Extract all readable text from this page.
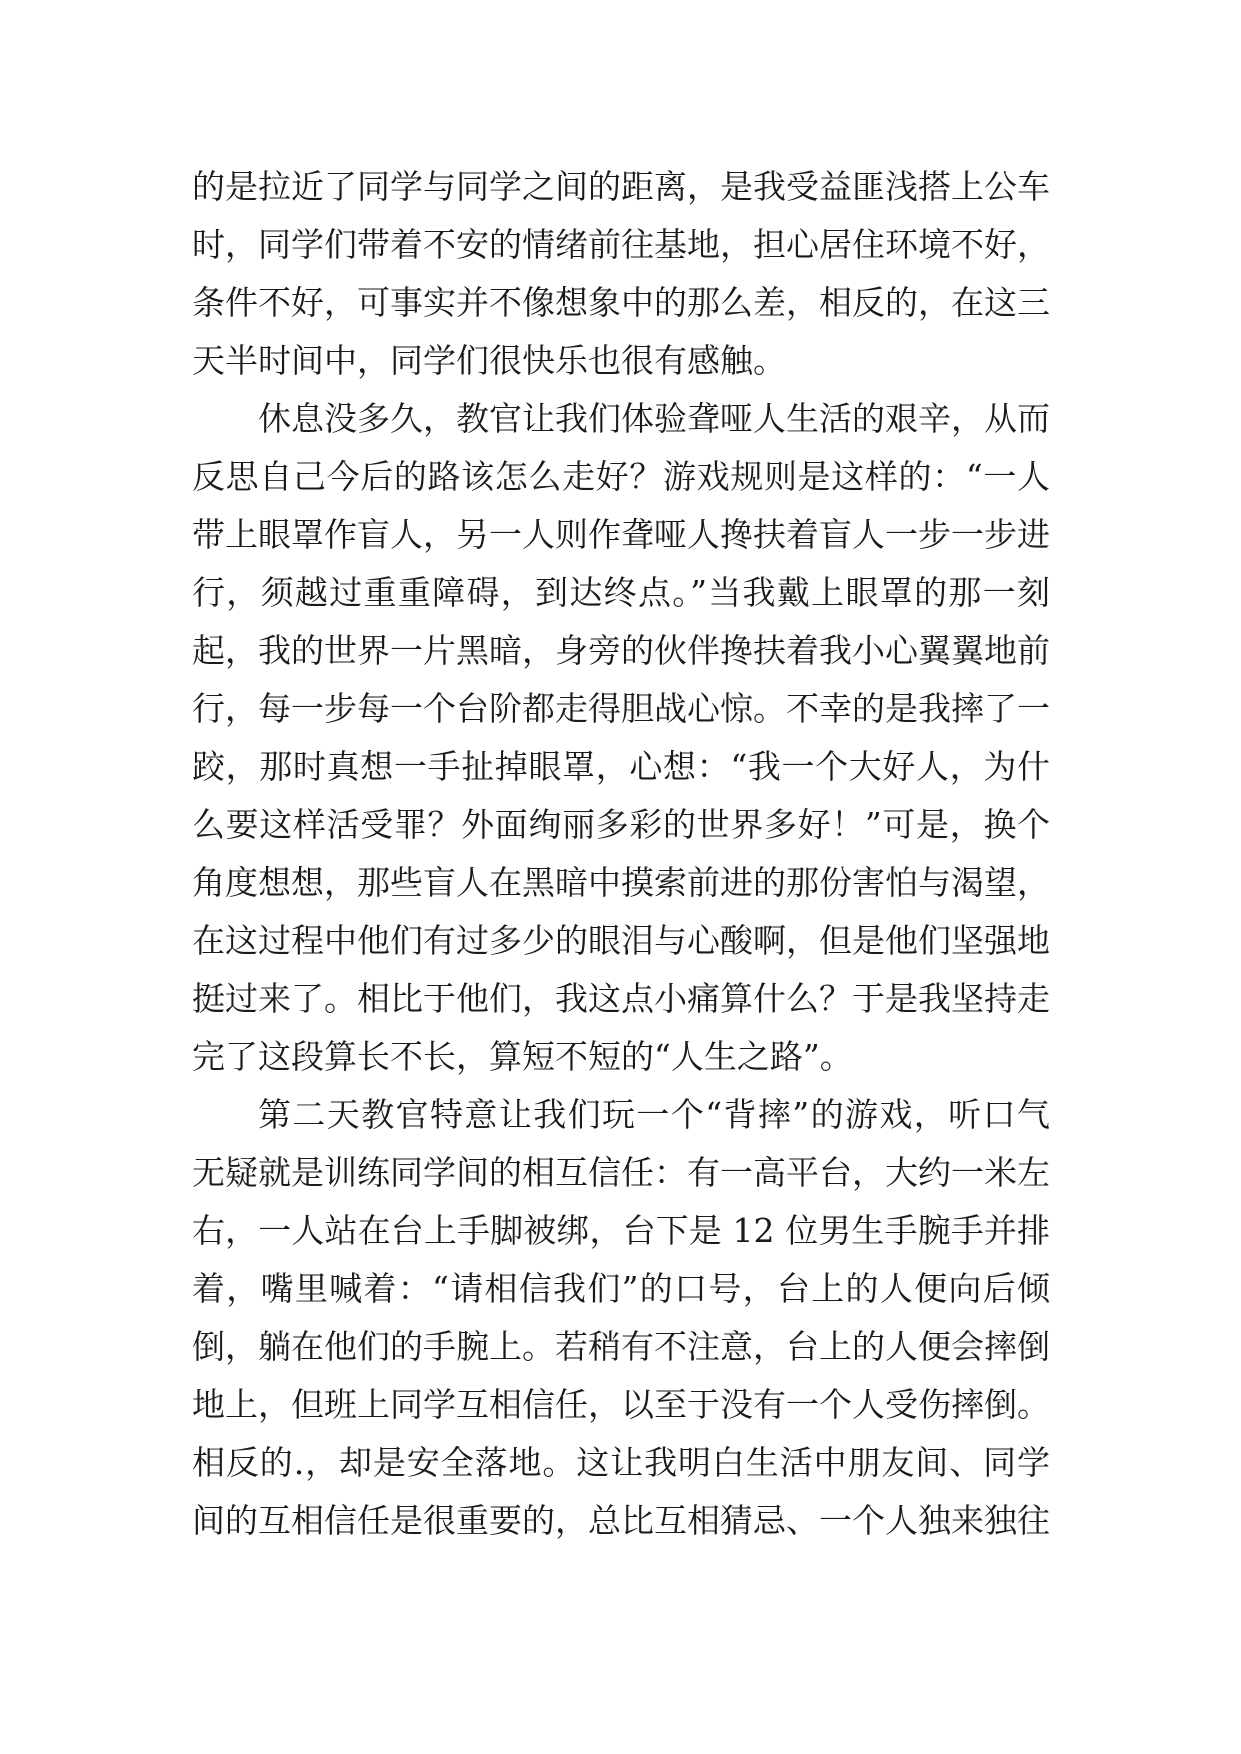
的是拉近了同学与同学之间的距离，是我受益匪浅搭上公车
时，同学们带着不安的情绪前往基地，担心居住环境不好，
条件不好，可事实并不像想象中的那么差，相反的，在这三
天半时间中，同学们很快乐也很有感触。
休息没多久，教官让我们体验聋哑人生活的艰辛，从而
反思自己今后的路该怎么走好？游戏规则是这样的：“一人
带上眼罩作盲人，另一人则作聋哑人搀扶着盲人一步一步进
行，须越过重重障碍，到达终点。”当我戴上眼罩的那一刻
起，我的世界一片黑暗，身旁的伙伴搀扶着我小心翼翼地前
行，每一步每一个台阶都走得胆战心惊。不幸的是我摔了一
跤，那时真想一手扯掉眼罩，心想：“我一个大好人，为什
么要这样活受罪？外面绚丽多彩的世界多好！”可是，换个
角度想想，那些盲人在黑暗中摸索前进的那份害怕与渴望，
在这过程中他们有过多少的眼泪与心酸啊，但是他们坚强地
挺过来了。相比于他们，我这点小痛算什么？于是我坚持走
完了这段算长不长，算短不短的“人生之路”。
第二天教官特意让我们玩一个“背摔”的游戏，听口气
无疑就是训练同学间的相互信任：有一高平台，大约一米左
右，一人站在台上手脚被绑，台下是 12 位男生手腕手并排
着，嘴里喊着：“请相信我们”的口号，台上的人便向后倾
倒，躺在他们的手腕上。若稍有不注意，台上的人便会摔倒
地上，但班上同学互相信任，以至于没有一个人受伤摔倒。
相反的.，却是安全落地。这让我明白生活中朋友间、同学
间的互相信任是很重要的，总比互相猜忌、一个人独来独往
